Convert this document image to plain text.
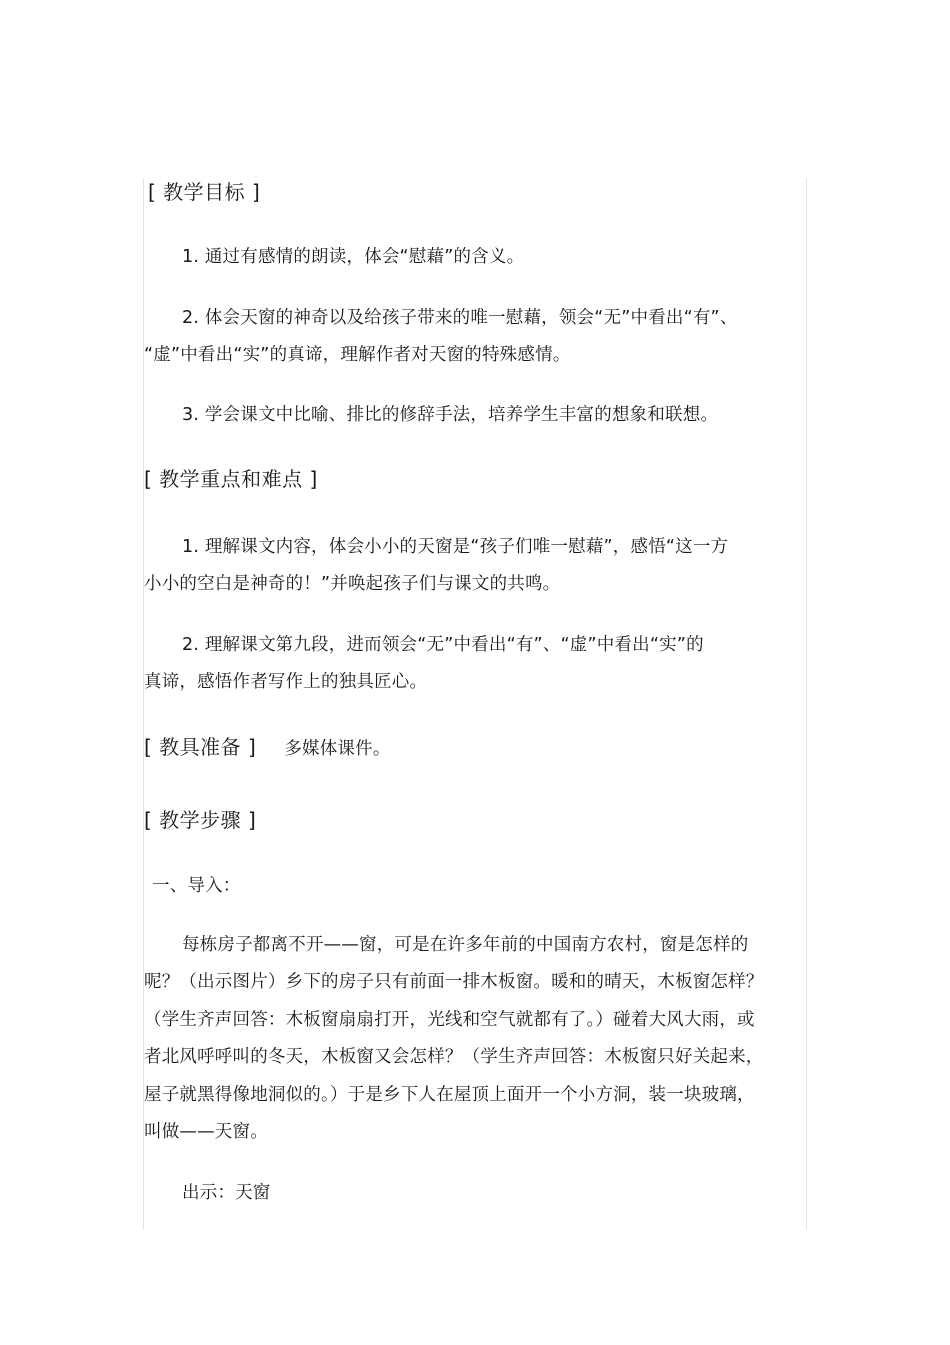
[ 教学目标 ]
1. 通过有感情的朗读，体会“慰藉”的含义。
2. 体会天窗的神奇以及给孩子带来的唯一慰藉，领会“无”中看出“有”、
“虚”中看出“实”的真谛，理解作者对天窗的特殊感情。
3. 学会课文中比喻、排比的修辞手法，培养学生丰富的想象和联想。
[ 教学重点和难点 ]
1. 理解课文内容，体会小小的天窗是“孩子们唯一慰藉”，感悟“这一方
小小的空白是神奇的！”并唤起孩子们与课文的共鸣。
2. 理解课文第九段，进而领会“无”中看出“有”、“虚”中看出“实”的
真谛，感悟作者写作上的独具匠心。
[ 教具准备 ] 多媒体课件。
[ 教学步骤 ]
一、导入：
每栋房子都离不开——窗，可是在许多年前的中国南方农村，窗是怎样的
呢？（出示图片）乡下的房子只有前面一排木板窗。暖和的晴天，木板窗怎样？
（学生齐声回答：木板窗扇扇打开，光线和空气就都有了。）碰着大风大雨，或
者北风呼呼叫的冬天，木板窗又会怎样？（学生齐声回答：木板窗只好关起来，
屋子就黑得像地洞似的。）于是乡下人在屋顶上面开一个小方洞，装一块玻璃，
叫做——天窗。
出示：天窗
